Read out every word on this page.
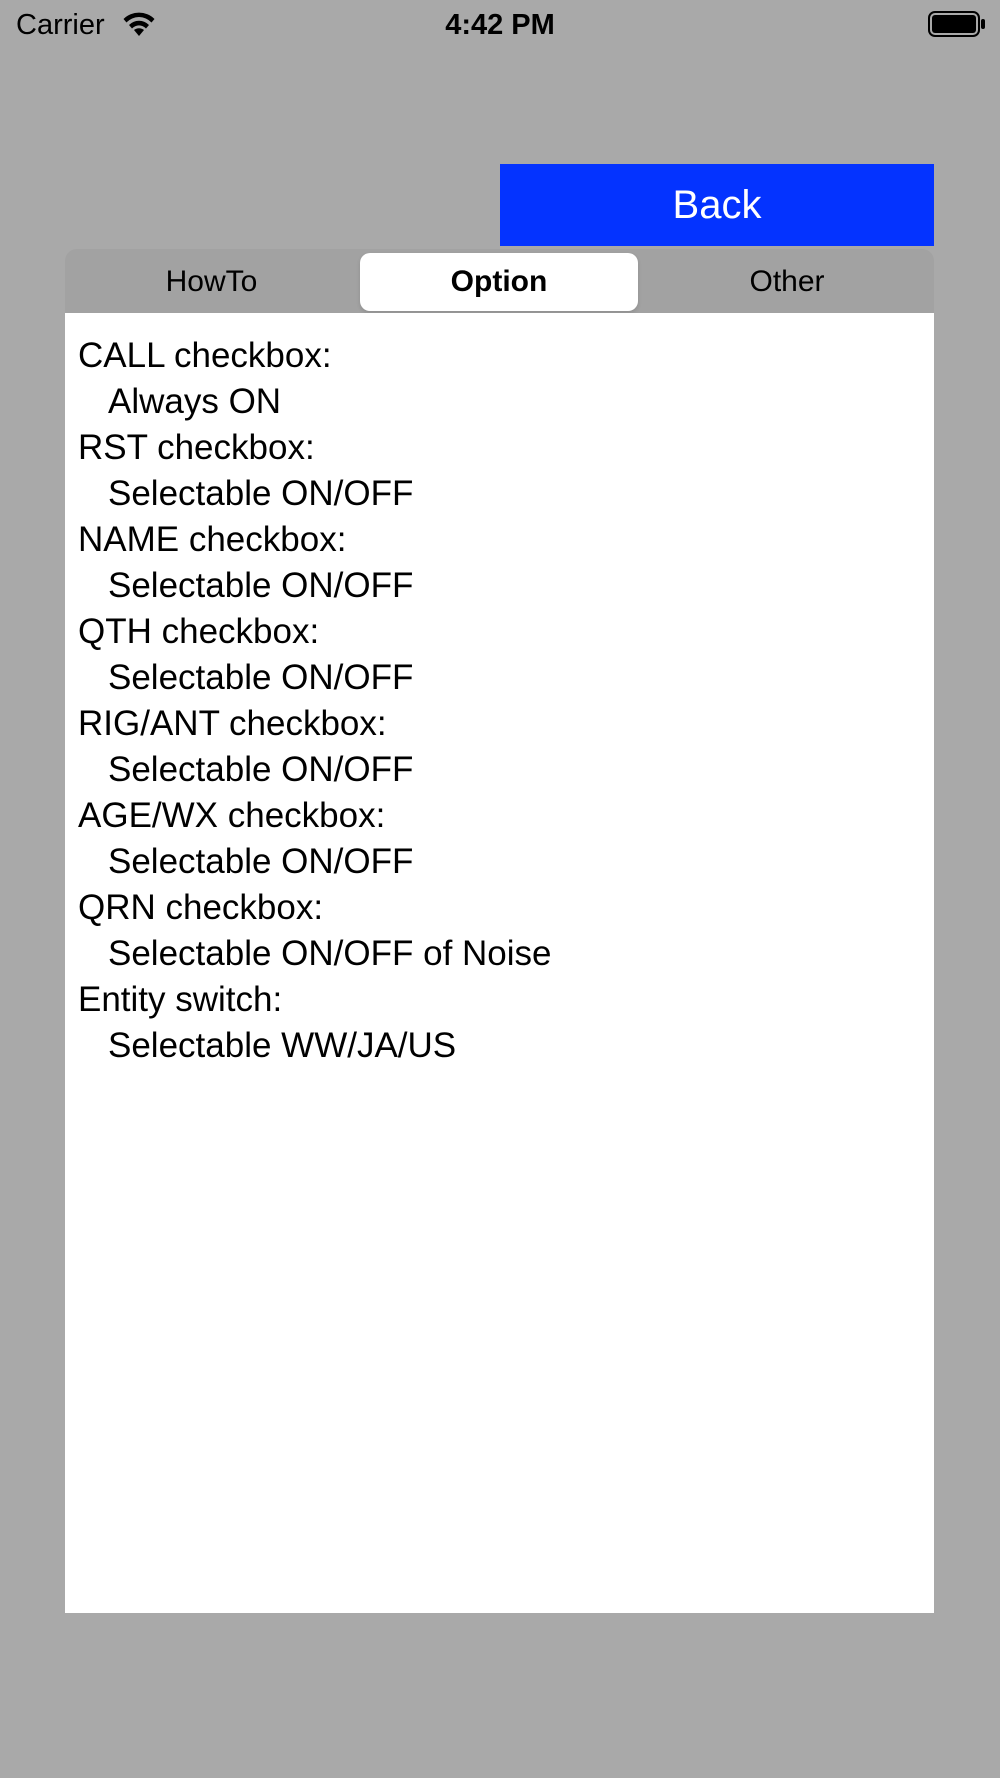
Carrier	4:42 PM
Back
HowTo	Option	Other
CALL checkbox:
Always ON
RST checkbox:
Selectable ON/OFF
NAME checkbox:
Selectable ON/OFF
QTH checkbox:
Selectable ON/OFF
RIG/ANT checkbox:
Selectable ON/OFF
AGE/WX checkbox:
Selectable ON/OFF
QRN checkbox:
Selectable ON/OFF of Noise
Entity switch:
Selectable WW/JA/US
